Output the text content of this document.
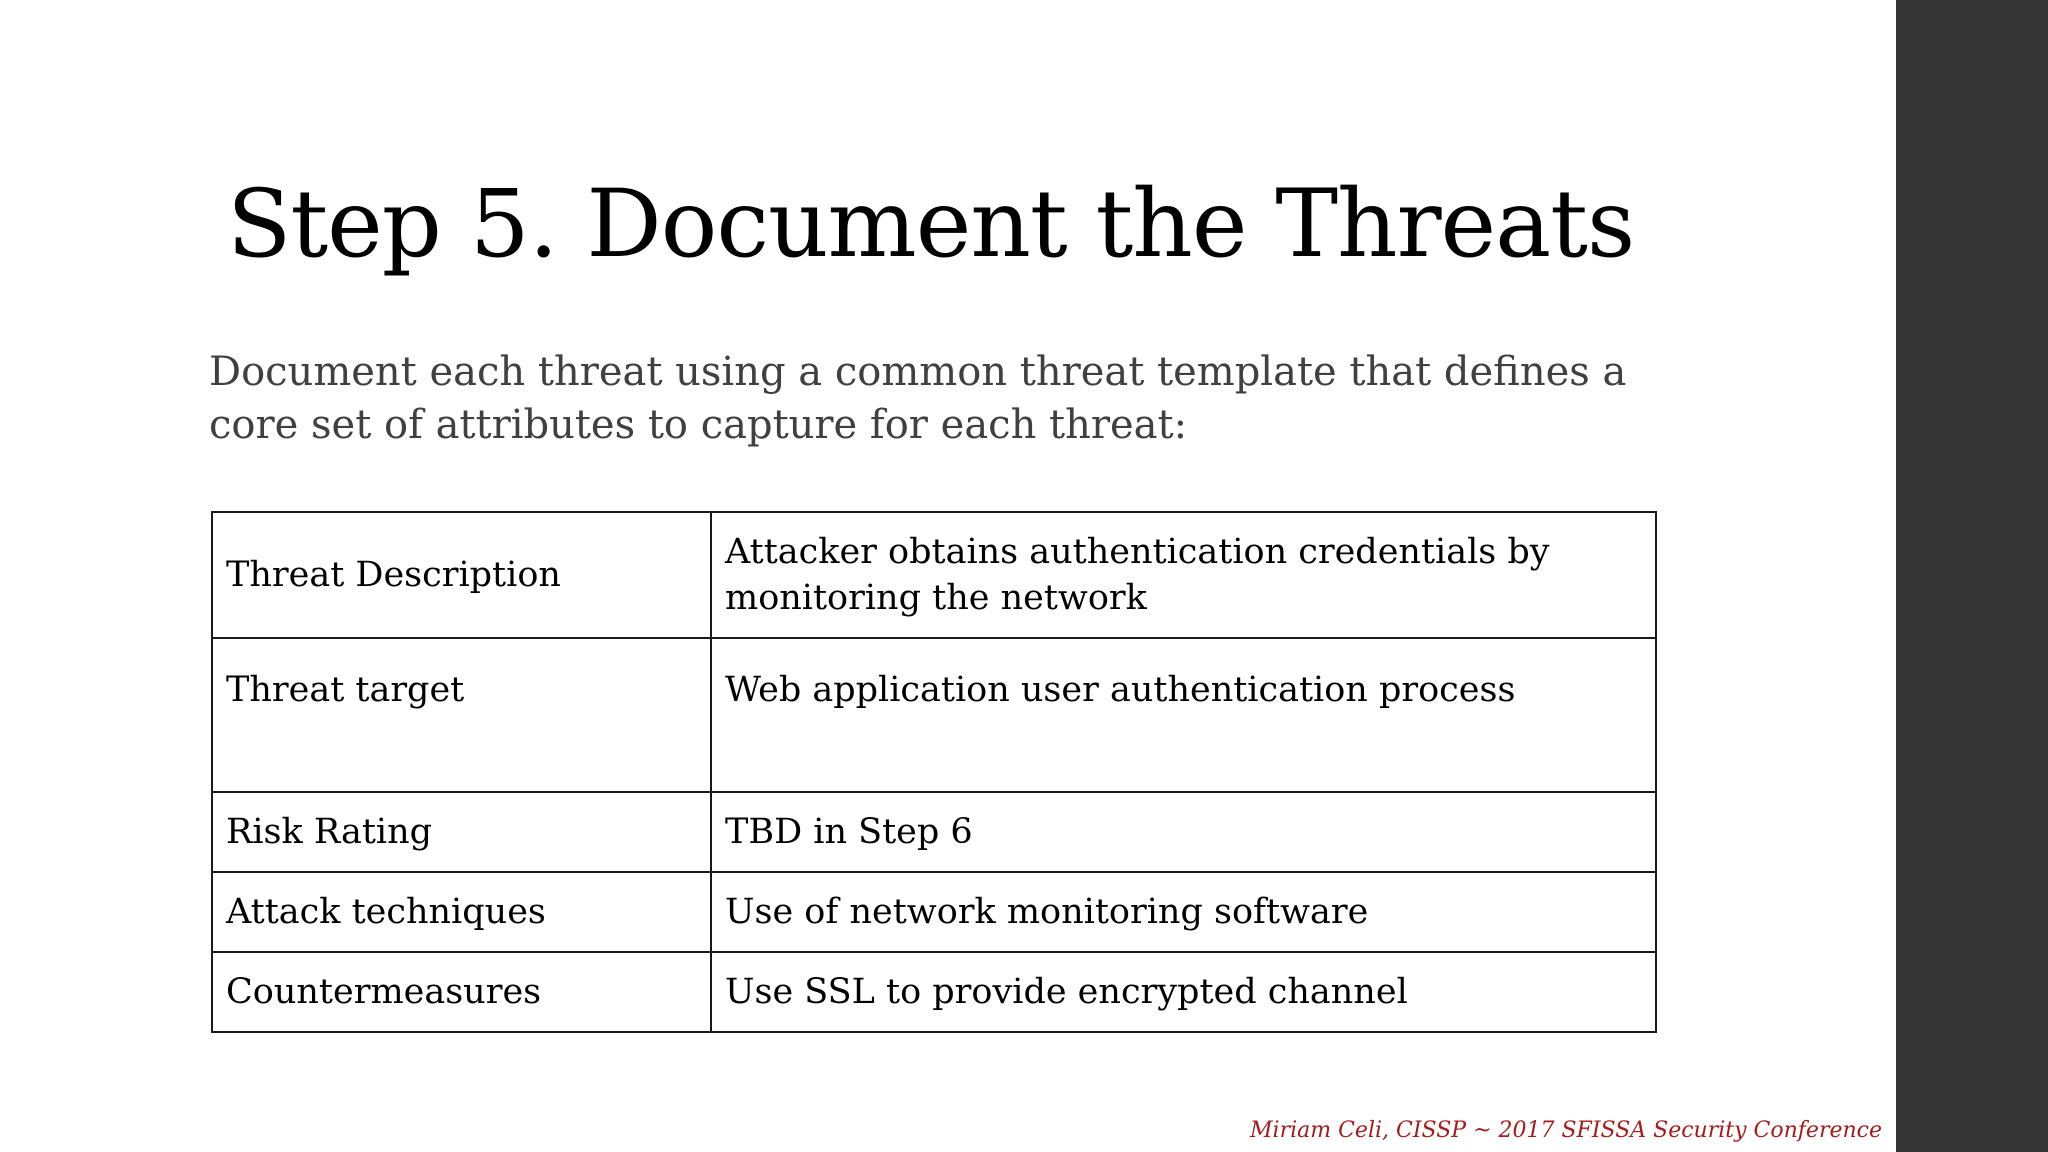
Step 5. Document the Threats

Document each threat using a common threat template that defines a core set of attributes to capture for each threat:

Threat Description	Attacker obtains authentication credentials by monitoring the network
Threat target	Web application user authentication process
Risk Rating	TBD in Step 6
Attack techniques	Use of network monitoring software
Countermeasures	Use SSL to provide encrypted channel

Miriam Celi, CISSP ~ 2017 SFISSA Security Conference
